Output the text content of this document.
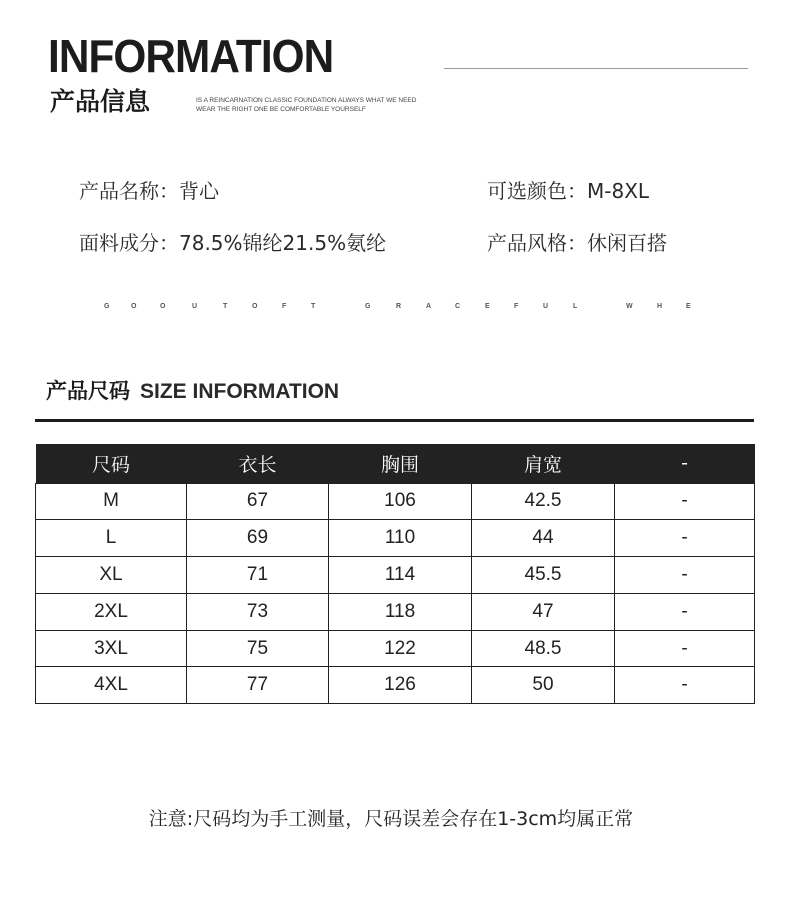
INFORMATION
产品信息	IS A REINCARNATION CLASSIC FOUNDATION ALWAYS WHAT WE NEED
WEAR THE RIGHT ONE BE COMFORTABLE YOURSELF
产品名称：背心	可选颜色：M-8XL
面料成分：78.5%锦纶21.5%氨纶	产品风格：休闲百搭
G	O	O	U	T	O	F	T	G	R	A	C	E	F	U	L	W	H	E
产品尺码 SIZE INFORMATION
尺码	衣长	胸围	肩宽	-
M	67	106	42.5	-
L	69	110	44	-
XL	71	114	45.5	-
2XL	73	118	47	-
3XL	75	122	48.5	-
4XL	77	126	50	-
注意:尺码均为手工测量，尺码误差会存在1-3cm均属正常
